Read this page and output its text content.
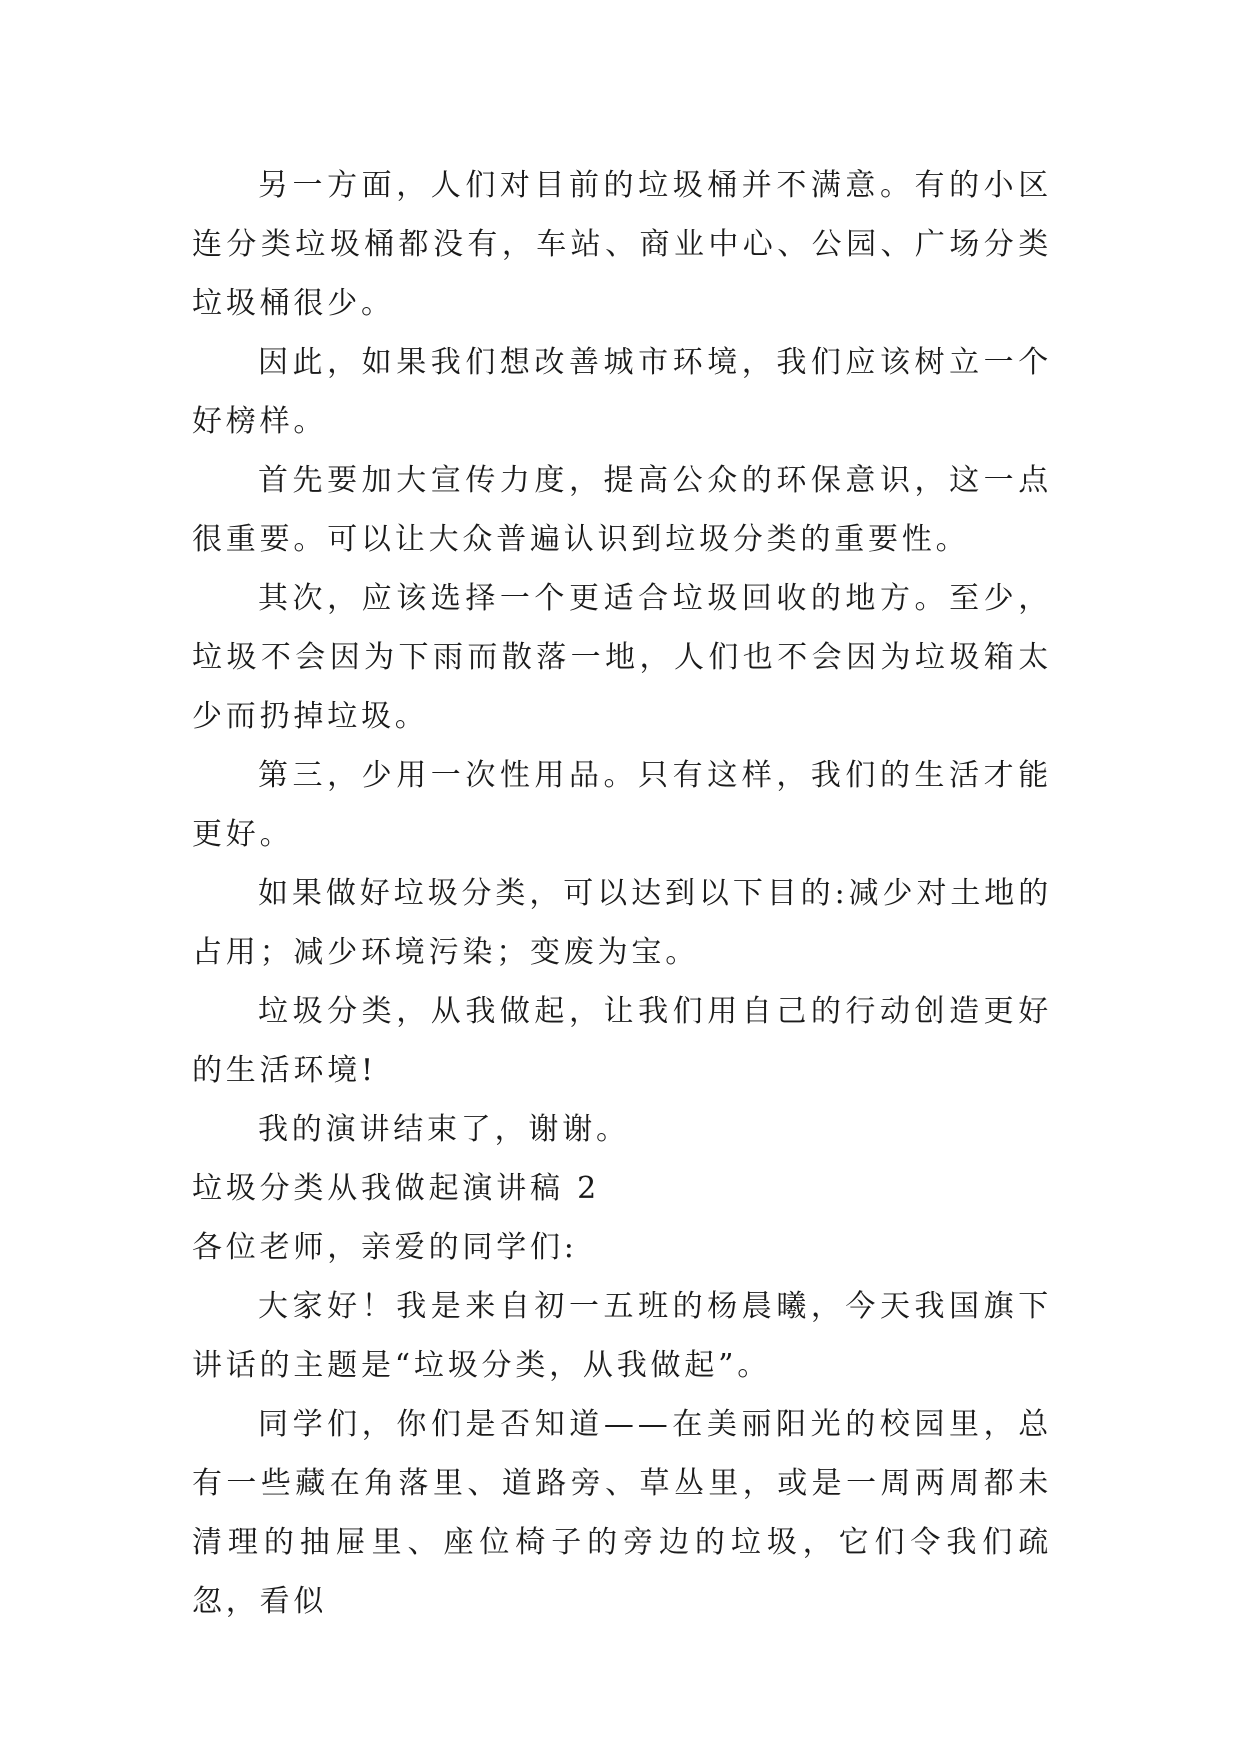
另一方面，人们对目前的垃圾桶并不满意。有的小区连分类垃圾桶都没有，车站、商业中心、公园、广场分类垃圾桶很少。

因此，如果我们想改善城市环境，我们应该树立一个好榜样。

首先要加大宣传力度，提高公众的环保意识，这一点很重要。可以让大众普遍认识到垃圾分类的重要性。

其次，应该选择一个更适合垃圾回收的地方。至少，垃圾不会因为下雨而散落一地，人们也不会因为垃圾箱太少而扔掉垃圾。

第三，少用一次性用品。只有这样，我们的生活才能更好。

如果做好垃圾分类，可以达到以下目的:减少对土地的占用；减少环境污染；变废为宝。

垃圾分类，从我做起，让我们用自己的行动创造更好的生活环境!

我的演讲结束了，谢谢。

垃圾分类从我做起演讲稿 2

各位老师，亲爱的同学们:

大家好！我是来自初一五班的杨晨曦，今天我国旗下讲话的主题是“垃圾分类，从我做起”。

同学们，你们是否知道——在美丽阳光的校园里，总有一些藏在角落里、道路旁、草丛里，或是一周两周都未清理的抽屉里、座位椅子的旁边的垃圾，它们令我们疏忽，看似
